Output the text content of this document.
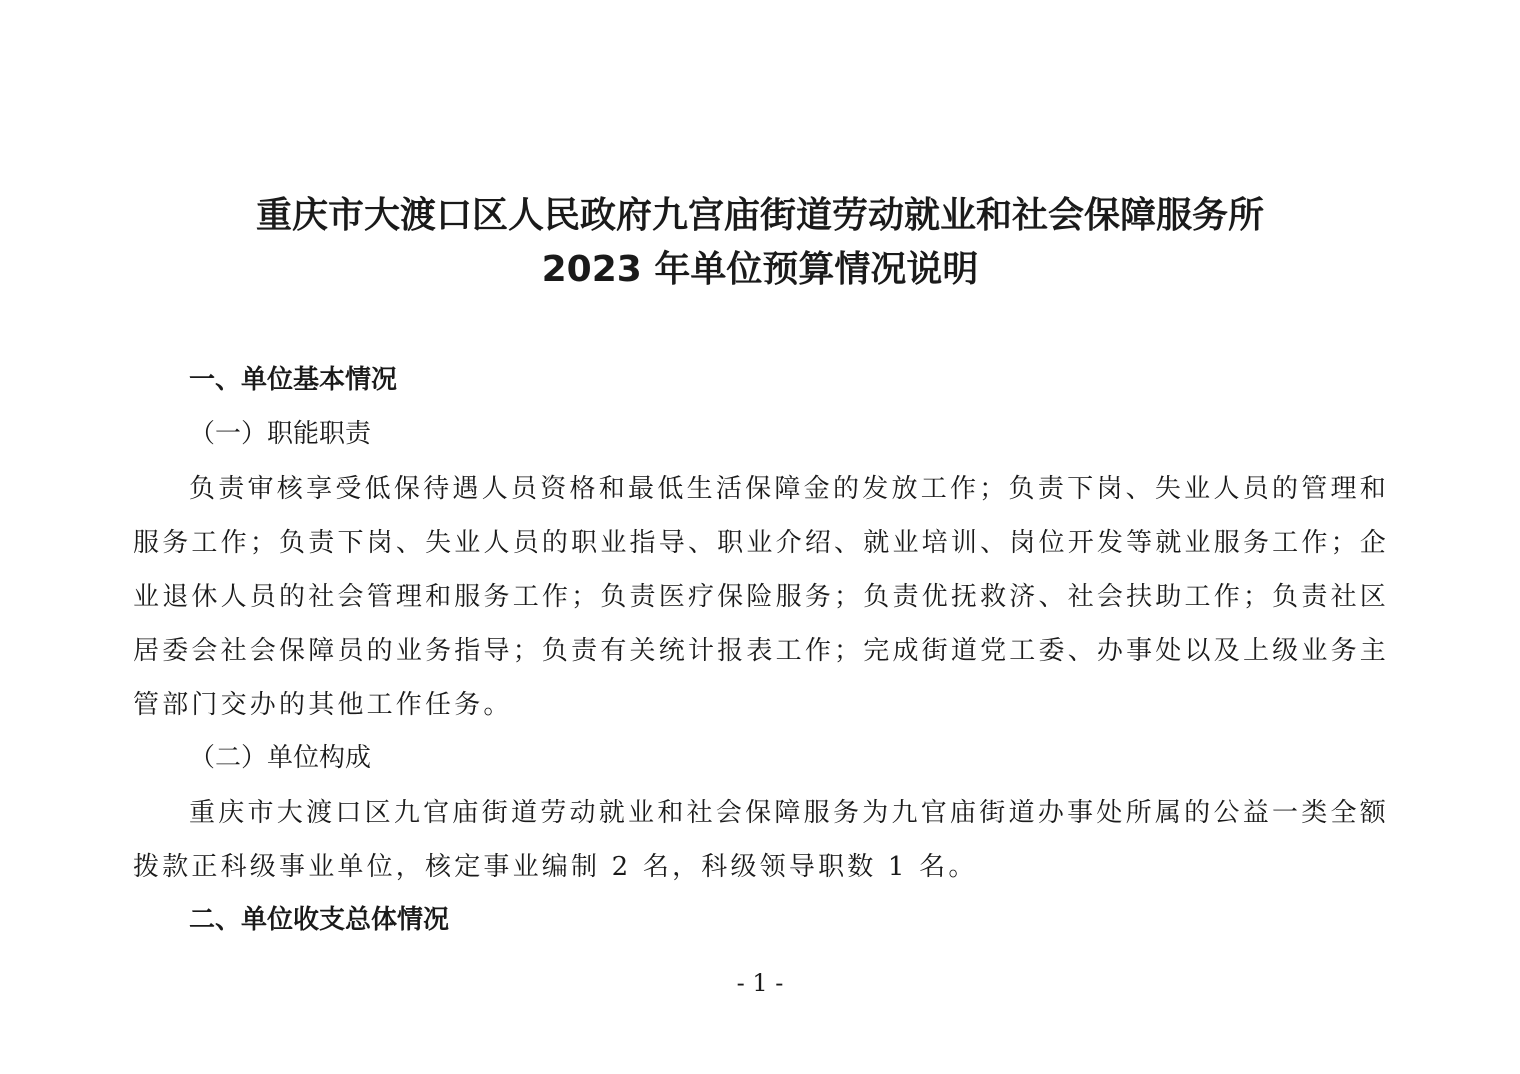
重庆市大渡口区人民政府九宫庙街道劳动就业和社会保障服务所
2023 年单位预算情况说明
一、单位基本情况
（一）职能职责

负责审核享受低保待遇人员资格和最低生活保障金的发放工作；负责下岗、失业人员的管理和服务工作；负责下岗、失业人员的职业指导、职业介绍、就业培训、岗位开发等就业服务工作；企业退休人员的社会管理和服务工作；负责医疗保险服务；负责优抚救济、社会扶助工作；负责社区居委会社会保障员的业务指导；负责有关统计报表工作；完成街道党工委、办事处以及上级业务主管部门交办的其他工作任务。

（二）单位构成

重庆市大渡口区九官庙街道劳动就业和社会保障服务为九官庙街道办事处所属的公益一类全额拨款正科级事业单位，核定事业编制 2 名，科级领导职数 1 名。

二、单位收支总体情况
- 1 -
